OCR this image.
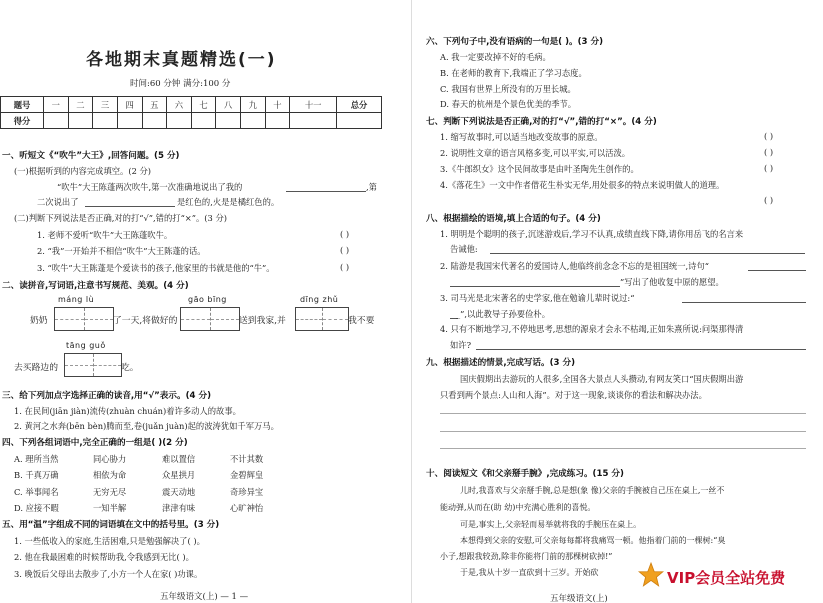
各地期末真题精选(一)
时间:60 分钟 满分:100 分
题号	一	二	三	四	五	六	七	八	九	十	十一	总分
得分												
一、听短文《“吹牛”大王》,回答问题。(5 分)
(一)根据听到的内容完成填空。(2 分)
“吹牛”大王陈蓬两次吹牛,第一次准确地说出了我的	,第
二次说出了	是红色的,火是是橘红色的。
(二)判断下列说法是否正确,对的打“√”,错的打“×”。(3 分)
1. 老师不爱听“吹牛”大王陈蓬吹牛。	( )
2. “我”一开始并不相信“吹牛”大王陈蓬的话。	( )
3. “吹牛”大王陈蓬是个爱读书的孩子,他家里的书就是他的“牛”。	( )
二、读拼音,写词语,注意书写规范、美观。(4 分)
máng lù	gāo bīng	dīng zhǔ
奶奶	了一天,将做好的	送到我家,并	我不要
tāng guǒ
去买路边的	吃。
三、给下列加点字选择正确的读音,用“√”表示。(4 分)
1. 在民间(jiān jiàn)流传(zhuàn chuán)着许多动人的故事。
2. 黄河之水奔(bēn bèn)腾而至,卷(juǎn juàn)起的波涛犹如千军万马。
四、下列各组词语中,完全正确的一组是( )(2 分)
A. 理所当然	同心胁力	难以置信	不计其数
B. 千真万确	相依为命	众星拱月	金碧辉皇
C. 举事闻名	无穷无尽	震天动地	奇珍异宝
D. 应接不暇	一知半解	津津有味	心旷神怡
五、用“温”字组成不同的词语填在文中的括号里。(3 分)
1. 一些低收入的家庭,生活困难,只是勉强解决了( )。
2. 他在我最困难的时候帮助我,令我感到无比( )。
3. 晚饭后父母出去散步了,小方一个人在家( )功课。
五年级语文(上) — 1 —
六、下列句子中,没有语病的一句是( )。(3 分)
A. 我一定要改掉不好的毛病。
B. 在老师的教育下,我端正了学习态度。
C. 我国有世界上所没有的万里长城。
D. 春天的杭州是个景色优美的季节。
七、判断下列说法是否正确,对的打“√”,错的打“×”。(4 分)
1. 缩写故事时,可以适当地改变故事的原意。	( )
2. 说明性文章的语言风格多变,可以平实,可以活泼。	( )
3.《牛郎织女》这个民间故事是由叶圣陶先生创作的。	( )
4.《落花生》一文中作者借花生朴实无华,用处很多的特点来说明做人的道理。
( )
八、根据描绘的语境,填上合适的句子。(4 分)
1. 明明是个聪明的孩子,沉迷游戏后,学习不认真,成绩直线下降,请你用岳飞的名言来
告诫他:
2. 陆游是我国宋代著名的爱国诗人,他临终前念念不忘的是祖国统一,诗句“
”写出了他收复中原的愿望。
3. 司马光是北宋著名的史学家,他在勉谕儿辈时说过:“
_”,以此教导子孙要俭朴。
4. 只有不断地学习,不停地思考,思想的源泉才会永不枯竭,正如朱熹所说:问渠那得清
如许?
九、根据描述的情景,完成写话。(3 分)
国庆假期出去游玩的人很多,全国各大景点人头攒动,有网友笑口“国庆假期出游
只看到两个景点:人山和人海”。对于这一现象,谈谈你的看法和解决办法。
十、阅读短文《和父亲掰手腕》,完成练习。(15 分)
儿时,我喜欢与父亲掰手腕,总是想(象 像)父亲的手腕被自己压在桌上,一丝不
能动弹,从而在(助 幼)中充满心胜利的喜悦。
可是,事实上,父亲轻而易举就将我的手腕压在桌上。
本想得到父亲的安慰,可父亲每每都将我痛骂一顿。他指着门前的一棵树:“臭
小子,想跟我较劲,除非你能将门前的那棵树砍掉!”
于是,我从十岁一直砍到十三岁。开始砍
五年级语文(上)
VIP会员全站免费
